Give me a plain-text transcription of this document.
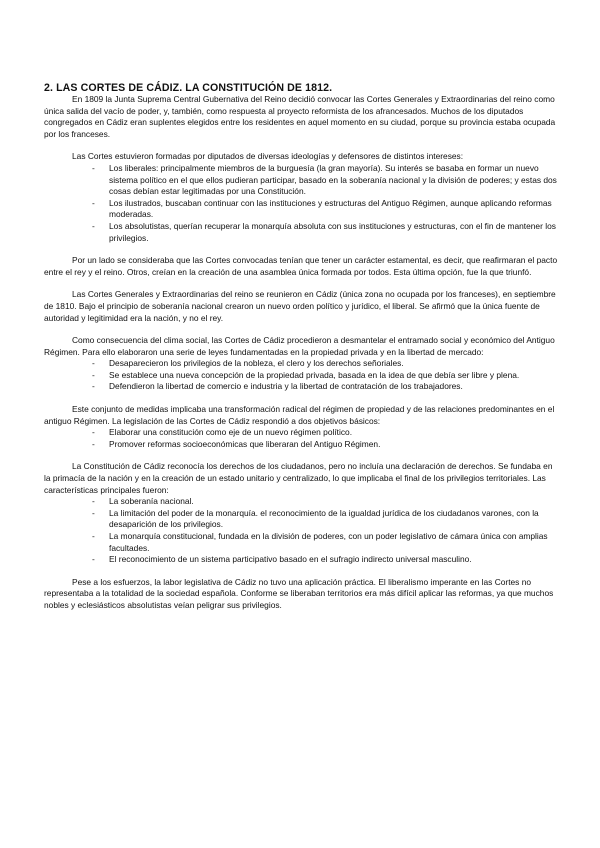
2. LAS CORTES DE CÁDIZ. LA CONSTITUCIÓN DE 1812.

En 1809 la Junta Suprema Central Gubernativa del Reino decidió convocar las Cortes Generales y Extraordinarias del reino como única salida del vacío de poder, y, también, como respuesta al proyecto reformista de los afrancesados. Muchos de los diputados congregados en Cádiz eran suplentes elegidos entre los residentes en aquel momento en su ciudad, porque su provincia estaba ocupada por los franceses.

Las Cortes estuvieron formadas por diputados de diversas ideologías y defensores de distintos intereses:

- Los liberales: principalmente miembros de la burguesía (la gran mayoría). Su interés se basaba en formar un nuevo sistema político en el que ellos pudieran participar, basado en la soberanía nacional y la división de poderes; y estas dos cosas debían estar legitimadas por una Constitución.
- Los ilustrados, buscaban continuar con las instituciones y estructuras del Antiguo Régimen, aunque aplicando reformas moderadas.
- Los absolutistas, querían recuperar la monarquía absoluta con sus instituciones y estructuras, con el fin de mantener los privilegios.

Por un lado se consideraba que las Cortes convocadas tenían que tener un carácter estamental, es decir, que reafirmaran el pacto entre el rey y el reino. Otros, creían en la creación de una asamblea única formada por todos. Esta última opción, fue la que triunfó.

Las Cortes Generales y Extraordinarias del reino se reunieron en Cádiz (única zona no ocupada por los franceses), en septiembre de 1810. Bajo el principio de soberanía nacional crearon un nuevo orden político y jurídico, el liberal. Se afirmó que la única fuente de autoridad y legitimidad era la nación, y no el rey.

Como consecuencia del clima social, las Cortes de Cádiz procedieron a desmantelar el entramado social y económico del Antiguo Régimen. Para ello elaboraron una serie de leyes fundamentadas en la propiedad privada y en la libertad de mercado:

- Desaparecieron los privilegios de la nobleza, el clero y los derechos señoriales.
- Se establece una nueva concepción de la propiedad privada, basada en la idea de que debía ser libre y plena.
- Defendieron la libertad de comercio e industria y la libertad de contratación de los trabajadores.

Este conjunto de medidas implicaba una transformación radical del régimen de propiedad y de las relaciones predominantes en el antiguo Régimen. La legislación de las Cortes de Cádiz respondió a dos objetivos básicos:

- Elaborar una constitución como eje de un nuevo régimen político.
- Promover reformas socioeconómicas que liberaran del Antiguo Régimen.

La Constitución de Cádiz reconocía los derechos de los ciudadanos, pero no incluía una declaración de derechos. Se fundaba en la primacía de la nación y en la creación de un estado unitario y centralizado, lo que implicaba el final de los privilegios territoriales. Las características principales fueron:

- La soberanía nacional.
- La limitación del poder de la monarquía. el reconocimiento de la igualdad jurídica de los ciudadanos varones, con la desaparición de los privilegios.
- La monarquía constitucional, fundada en la división de poderes, con un poder legislativo de cámara única con amplias facultades.
- El reconocimiento de un sistema participativo basado en el sufragio indirecto universal masculino.

Pese a los esfuerzos, la labor legislativa de Cádiz no tuvo una aplicación práctica. El liberalismo imperante en las Cortes no representaba a la totalidad de la sociedad española. Conforme se liberaban territorios era más difícil aplicar las reformas, ya que muchos nobles y eclesiásticos absolutistas veían peligrar sus privilegios.
